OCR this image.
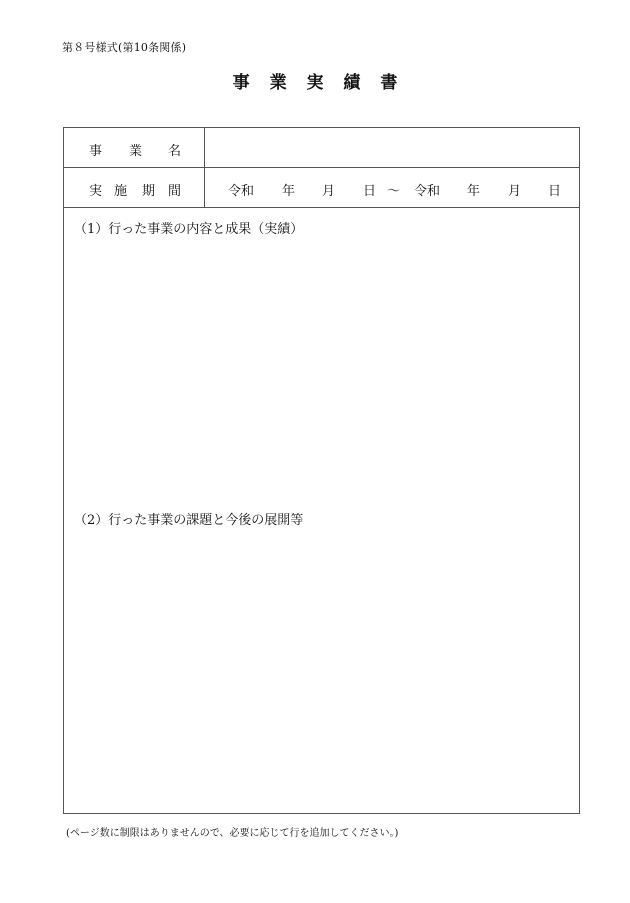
第８号様式(第10条関係)
事 業 実 績 書
事 業 名
実 施 期 間	令和 年 月 日 〜 令和 年 月 日
（1）行った事業の内容と成果（実績）
（2）行った事業の課題と今後の展開等
(ページ数に制限はありませんので、必要に応じて行を追加してください。)
